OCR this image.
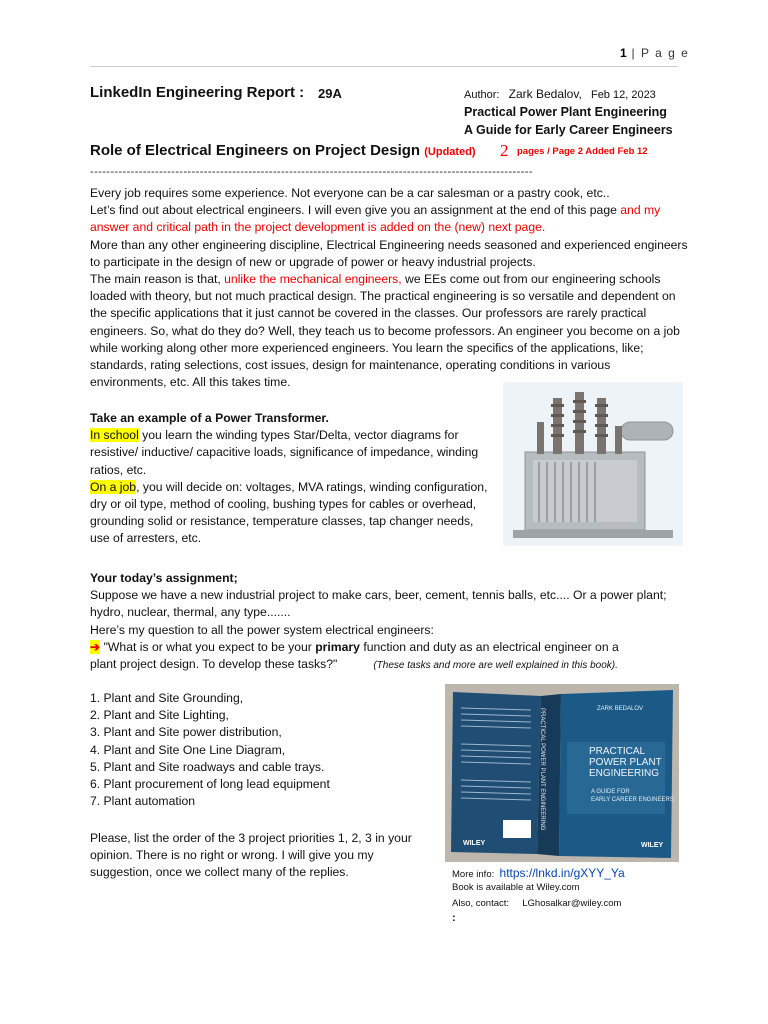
1 | P a g e
LinkedIn Engineering Report : 29A	Author: Zark Bedalov, Feb 12, 2023
Practical Power Plant Engineering
A Guide for Early Career Engineers
Role of Electrical Engineers on Project Design (Updated) 2 pages / Page 2 Added Feb 12
-------------------------------------------------------------------------------------------------------------
Every job requires some experience. Not everyone can be a car salesman or a pastry cook, etc..
Let’s find out about electrical engineers. I will even give you an assignment at the end of this page and my answer and critical path in the project development is added on the (new) next page.
More than any other engineering discipline, Electrical Engineering needs seasoned and experienced engineers to participate in the design of new or upgrade of power or heavy industrial projects.
The main reason is that, unlike the mechanical engineers, we EEs come out from our engineering schools loaded with theory, but not much practical design. The practical engineering is so versatile and dependent on the specific applications that it just cannot be covered in the classes. Our professors are rarely practical engineers. So, what do they do? Well, they teach us to become professors. An engineer you become on a job while working along other more experienced engineers. You learn the specifics of the applications, like; standards, rating selections, cost issues, design for maintenance, operating conditions in various environments, etc. All this takes time.
Take an example of a Power Transformer.
In school you learn the winding types Star/Delta, vector diagrams for resistive/ inductive/ capacitive loads, significance of impedance, winding ratios, etc.
On a job, you will decide on: voltages, MVA ratings, winding configuration, dry or oil type, method of cooling, bushing types for cables or overhead, grounding solid or resistance, temperature classes, tap changer needs, use of arresters, etc.
Your today’s assignment;
Suppose we have a new industrial project to make cars, beer, cement, tennis balls, etc.... Or a power plant; hydro, nuclear, thermal, any type.......
Here’s my question to all the power system electrical engineers:
➔ "What is or what you expect to be your primary function and duty as an electrical engineer on a
plant project design. To develop these tasks?"	(These tasks and more are well explained in this book).
1. Plant and Site Grounding,
2. Plant and Site Lighting,
3. Plant and Site power distribution,
4. Plant and Site One Line Diagram,
5. Plant and Site roadways and cable trays.
6. Plant procurement of long lead equipment
7. Plant automation
Please, list the order of the 3 project priorities 1, 2, 3 in your opinion. There is no right or wrong. I will give you my suggestion, once we collect many of the replies.
PRACTICAL POWER PLANT ENGINEERING	ZARK BEDALOV
PRACTICAL
POWER PLANT
ENGINEERING
A GUIDE FOR
EARLY CAREER ENGINEERS
WILEY	WILEY
More info: https://lnkd.in/gXYY_Ya
Book is available at Wiley.com
Also, contact: LGhosalkar@wiley.com
:
